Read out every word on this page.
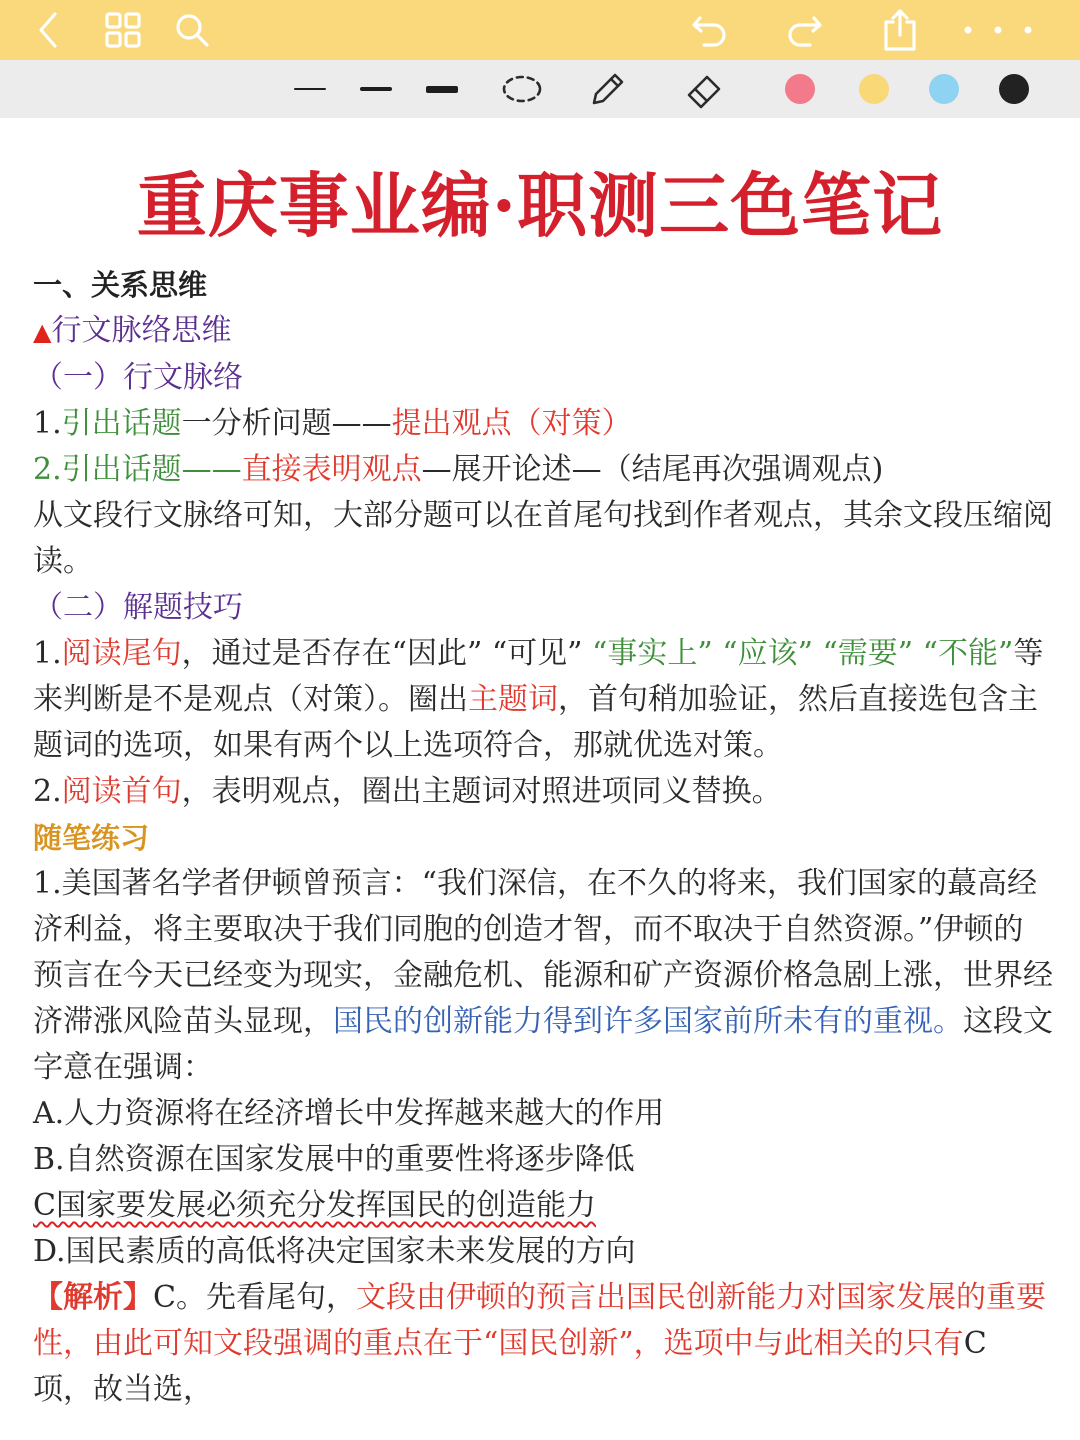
重庆事业编·职测三色笔记

一、关系思维

▲行文脉络思维

（一）行文脉络

1.引出话题一分析问题——提出观点（对策）

2.引出话题——直接表明观点—展开论述—（结尾再次强调观点)

从文段行文脉络可知，大部分题可以在首尾句找到作者观点，其余文段压缩阅读。

（二）解题技巧

1.阅读尾句，通过是否存在“因此” “可见” “事实上” “应该” “需要” “不能”等来判断是不是观点（对策）。圈出主题词，首句稍加验证，然后直接选包含主题词的选项，如果有两个以上选项符合，那就优选对策。

2.阅读首句，表明观点，圈出主题词对照进项同义替换。

随笔练习

1.美国著名学者伊顿曾预言：“我们深信，在不久的将来，我们国家的蕞高经济利益，将主要取决于我们同胞的创造才智，而不取决于自然资源。”伊顿的预言在今天已经变为现实，金融危机、能源和矿产资源价格急剧上涨，世界经济滞涨风险苗头显现，国民的创新能力得到许多国家前所未有的重视。这段文字意在强调：

A.人力资源将在经济增长中发挥越来越大的作用

B.自然资源在国家发展中的重要性将逐步降低

C国家要发展必须充分发挥国民的创造能力

D.国民素质的高低将决定国家未来发展的方向

【解析】C。先看尾句，文段由伊顿的预言出国民创新能力对国家发展的重要性，由此可知文段强调的重点在于“国民创新”，选项中与此相关的只有C 项，故当选，
